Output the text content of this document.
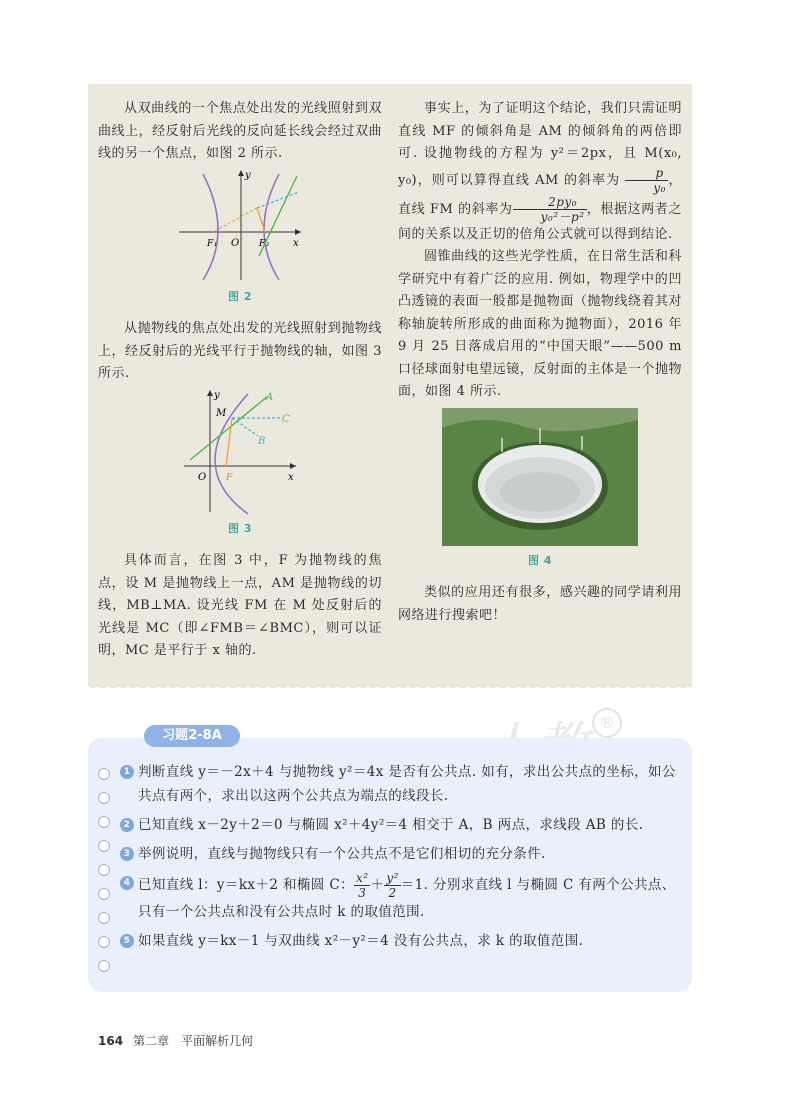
从双曲线的一个焦点处出发的光线照射到双曲线上，经反射后光线的反向延长线会经过双曲线的另一个焦点，如图 2 所示.

y
x
O
F₁	F₂
图 2

从抛物线的焦点处出发的光线照射到抛物线上，经反射后的光线平行于抛物线的轴，如图 3 所示.

y
x
O F
M
A
B
C
图 3

具体而言，在图 3 中，F 为抛物线的焦点，设 M 是抛物线上一点，AM 是抛物线的切线，MB⊥MA. 设光线 FM 在 M 处反射后的光线是 MC（即∠FMB＝∠BMC），则可以证明，MC 是平行于 x 轴的.

事实上，为了证明这个结论，我们只需证明直线 MF 的倾斜角是 AM 的倾斜角的两倍即可. 设抛物线的方程为 y²＝2px，且 M(x₀, y₀)，则可以算得直线 AM 的斜率为 $\frac{p}{\text{y₀}}$ ，直线 FM 的斜率为 $\frac{\text{2py₀}}{\text{y₀²－p²}}$ ，根据这两者之间的关系以及正切的倍角公式就可以得到结论.

圆锥曲线的这些光学性质，在日常生活和科学研究中有着广泛的应用. 例如，物理学中的凹凸透镜的表面一般都是抛物面（抛物线绕着其对称轴旋转所形成的曲面称为抛物面），2016 年 9 月 25 日落成启用的“中国天眼”——500 m 口径球面射电望远镜，反射面的主体是一个抛物面，如图 4 所示.

图 4

类似的应用还有很多，感兴趣的同学请利用网络进行搜索吧！

®
习题2-8A
1 判断直线 y＝－2x＋4 与抛物线 y²＝4x 是否有公共点. 如有，求出公共点的坐标，如公共点有两个，求出以这两个公共点为端点的线段长.
2 已知直线 x－2y＋2＝0 与椭圆 x²＋4y²＝4 相交于 A，B 两点，求线段 AB 的长.
3 举例说明，直线与抛物线只有一个公共点不是它们相切的充分条件.
4 已知直线 l：y＝kx＋2 和椭圆 C： $\frac{\text{x²}}{3} + \frac{\text{y²}}{2} =1$. 分别求直线 l 与椭圆 C 有两个公共点、只有一个公共点和没有公共点时 k 的取值范围.
5 如果直线 y＝kx－1 与双曲线 x²－y²＝4 没有公共点，求 k 的取值范围.
164 第二章　平面解析几何
